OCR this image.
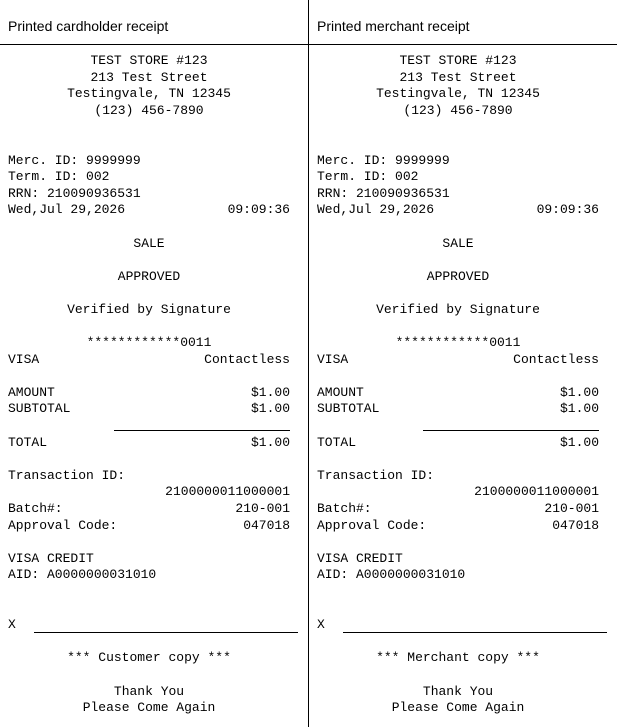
Printed cardholder receipt
TEST STORE #123
213 Test Street
Testingvale, TN 12345
(123) 456-7890
Merc. ID: 9999999
Term. ID: 002
RRN: 210090936531
Wed,Jul 29,2026	09:09:36
SALE
APPROVED
Verified by Signature
************0011
VISA	Contactless
AMOUNT	$1.00
SUBTOTAL	$1.00
TOTAL	$1.00
Transaction ID:
2100000011000001
Batch#:	210-001
Approval Code:	047018
VISA CREDIT
AID: A0000000031010
X
*** Customer copy ***
Thank You
Please Come Again
Printed merchant receipt
TEST STORE #123
213 Test Street
Testingvale, TN 12345
(123) 456-7890
Merc. ID: 9999999
Term. ID: 002
RRN: 210090936531
Wed,Jul 29,2026	09:09:36
SALE
APPROVED
Verified by Signature
************0011
VISA	Contactless
AMOUNT	$1.00
SUBTOTAL	$1.00
TOTAL	$1.00
Transaction ID:
2100000011000001
Batch#:	210-001
Approval Code:	047018
VISA CREDIT
AID: A0000000031010
X
*** Merchant copy ***
Thank You
Please Come Again
